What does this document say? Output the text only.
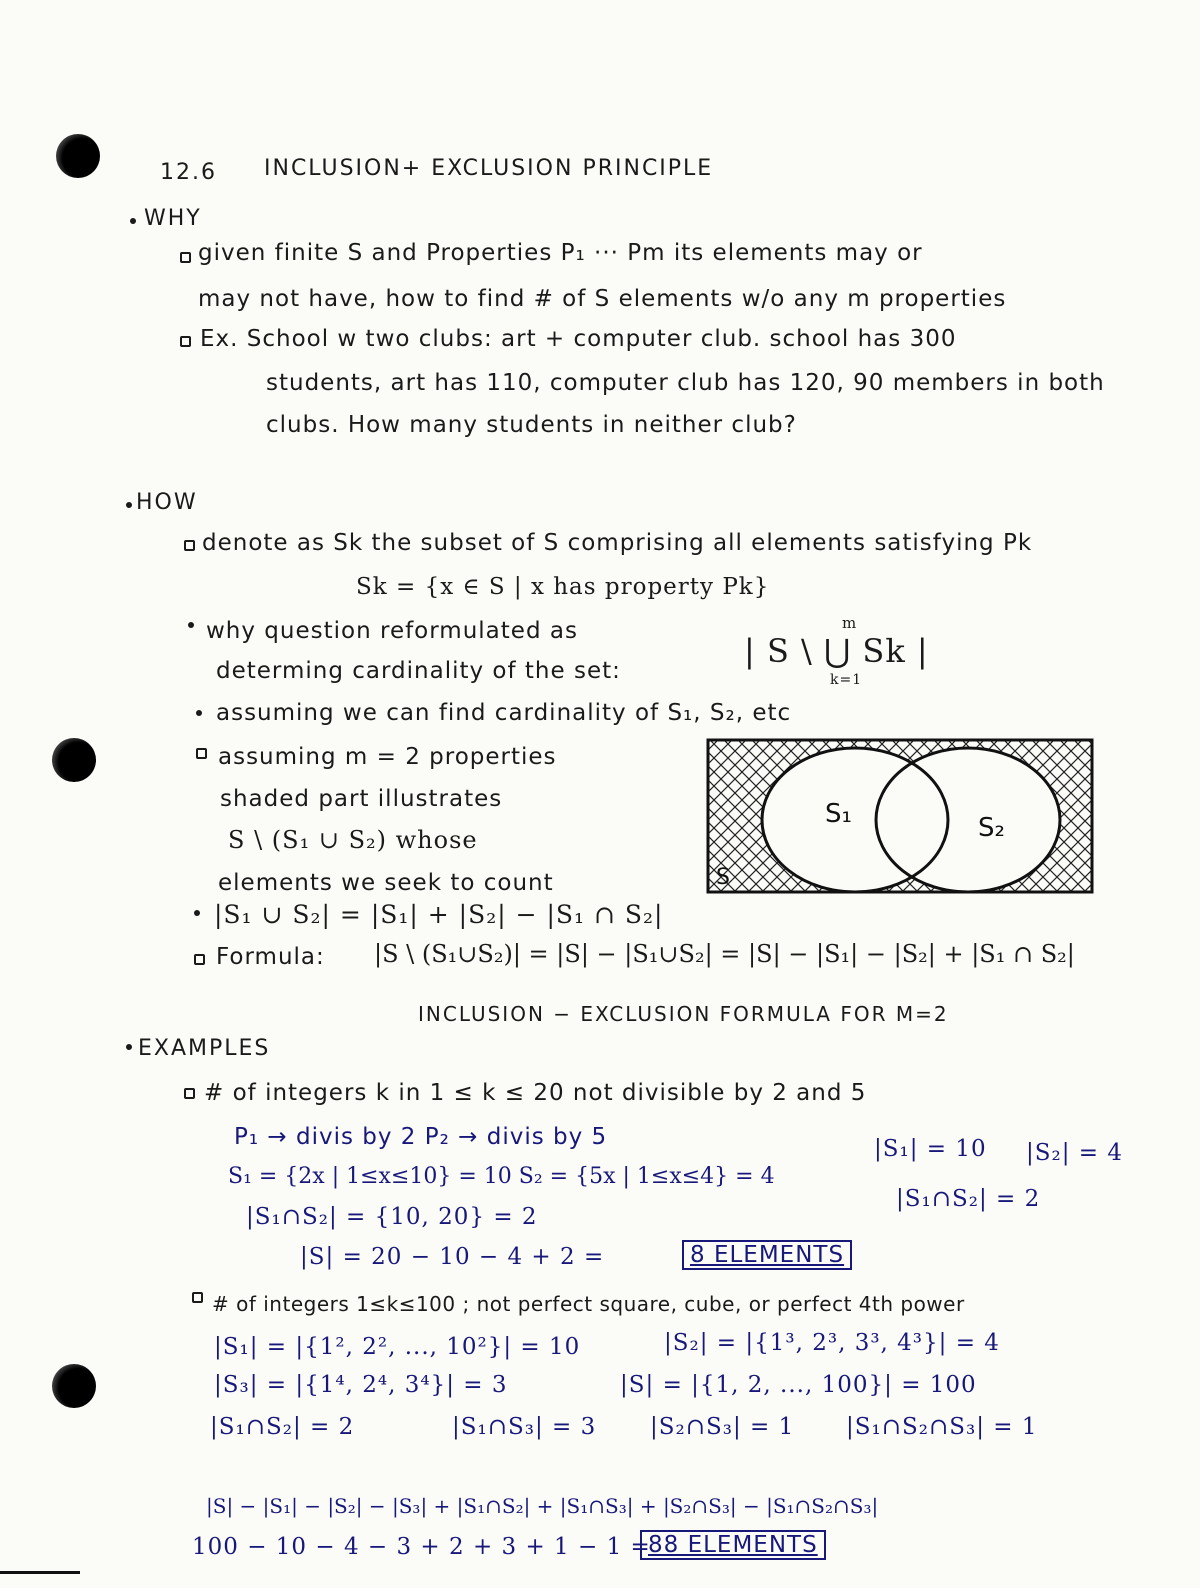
12.6 INCLUSION+ EXCLUSION PRINCIPLE
WHY
given finite S and Properties P₁ ··· Pm its elements may or
may not have, how to find # of S elements w/o any m properties
Ex. School w two clubs: art + computer club. school has 300
students, art has 110, computer club has 120, 90 members in both
clubs. How many students in neither club?
HOW
denote as Sk the subset of S comprising all elements satisfying Pk
Sk = {x ∈ S | x has property Pk}
why question reformulated as
determing cardinality of the set:
m
| S \ ⋃ Sk |
k=1
assuming we can find cardinality of S₁, S₂, etc
assuming m = 2 properties
shaded part illustrates
S \ (S₁ ∪ S₂) whose
elements we seek to count
S₁	S₂
S
|S₁ ∪ S₂| = |S₁| + |S₂| − |S₁ ∩ S₂|
Formula: |S \ (S₁∪S₂)| = |S| − |S₁∪S₂| = |S| − |S₁| − |S₂| + |S₁ ∩ S₂|
INCLUSION − EXCLUSION FORMULA FOR M=2
EXAMPLES
# of integers k in 1 ≤ k ≤ 20 not divisible by 2 and 5
P₁ → divis by 2 P₂ → divis by 5
S₁ = {2x | 1≤x≤10} = 10 S₂ = {5x | 1≤x≤4} = 4
|S₁∩S₂| = {10, 20} = 2
|S| = 20 − 10 − 4 + 2 =	8 ELEMENTS
|S₁| = 10 |S₂| = 4
|S₁∩S₂| = 2
# of integers 1≤k≤100 ; not perfect square, cube, or perfect 4th power
|S₁| = |{1², 2², ..., 10²}| = 10	|S₂| = |{1³, 2³, 3³, 4³}| = 4
|S₃| = |{1⁴, 2⁴, 3⁴}| = 3	|S| = |{1, 2, ..., 100}| = 100
|S₁∩S₂| = 2	|S₁∩S₃| = 3 |S₂∩S₃| = 1 |S₁∩S₂∩S₃| = 1
|S| − |S₁| − |S₂| − |S₃| + |S₁∩S₂| + |S₁∩S₃| + |S₂∩S₃| − |S₁∩S₂∩S₃|
100 − 10 − 4 − 3 + 2 + 3 + 1 − 1 =
88 ELEMENTS
